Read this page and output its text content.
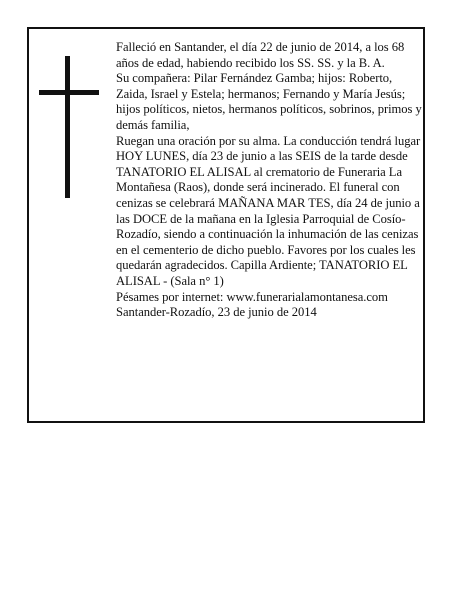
Falleció en Santander, el día 22 de junio de 2014, a los 68 años de edad, habiendo recibido los SS. SS. y la B. A.

Su compañera: Pilar Fernández Gamba; hijos: Roberto, Zaida, Israel y Estela; hermanos; Fernando y María Jesús; hijos políticos, nietos, hermanos políticos, sobrinos, primos y demás familia,

Ruegan una oración por su alma. La conducción tendrá lugar HOY LUNES, día 23 de junio a las SEIS de la tarde desde TANATORIO EL ALISAL al crematorio de Funeraria La Montañesa (Raos), donde será incinerado. El funeral con cenizas se celebrará MAÑANA MAR TES, día 24 de junio a las DOCE de la mañana en la Iglesia Parroquial de Cosío-Rozadío, siendo a continuación la inhumación de las cenizas en el cementerio de dicho pueblo. Favores por los cuales les quedarán agradecidos. Capilla Ardiente; TANATORIO EL ALISAL - (Sala n° 1)

Pésames por internet: www.funerarialamontanesa.com

Santander-Rozadío, 23 de junio de 2014
